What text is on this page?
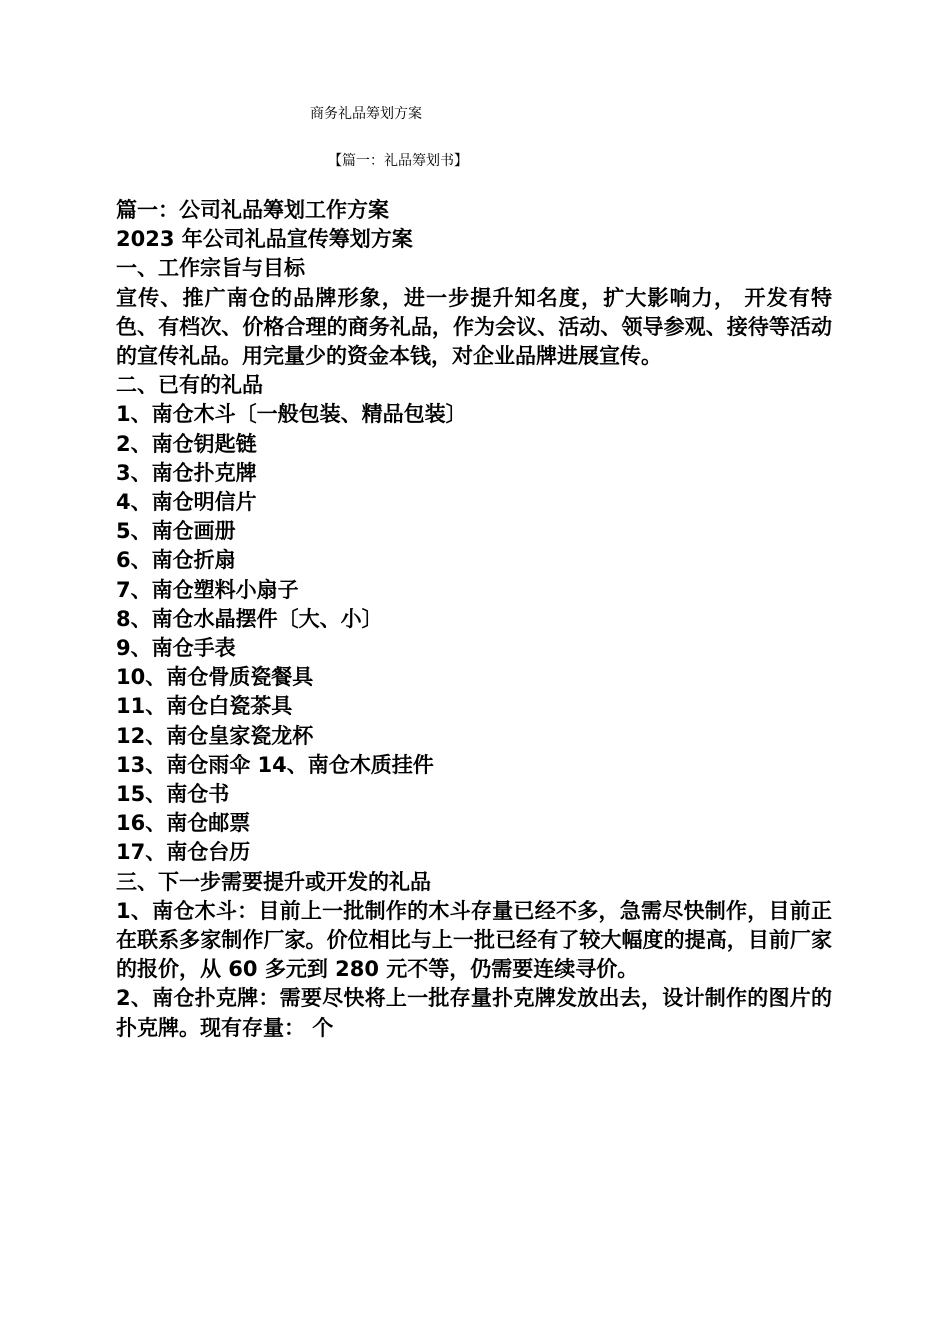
商务礼品筹划方案
【篇一：礼品筹划书】
篇一：公司礼品筹划工作方案
2023 年公司礼品宣传筹划方案
一、工作宗旨与目标
宣传、推广南仓的品牌形象，进一步提升知名度，扩大影响力， 开发有特色、有档次、价格合理的商务礼品，作为会议、活动、领导参观、接待等活动的宣传礼品。用完量少的资金本钱，对企业品牌进展宣传。
二、已有的礼品
1、南仓木斗〔一般包装、精品包装〕
2、南仓钥匙链
3、南仓扑克牌
4、南仓明信片
5、南仓画册
6、南仓折扇
7、南仓塑料小扇子
8、南仓水晶摆件〔大、小〕
9、南仓手表
10、南仓骨质瓷餐具
11、南仓白瓷茶具
12、南仓皇家瓷龙杯
13、南仓雨伞 14、南仓木质挂件
15、南仓书
16、南仓邮票
17、南仓台历
三、下一步需要提升或开发的礼品
1、南仓木斗：目前上一批制作的木斗存量已经不多，急需尽快制作，目前正在联系多家制作厂家。价位相比与上一批已经有了较大幅度的提高，目前厂家的报价，从 60 多元到 280 元不等，仍需要连续寻价。
2、南仓扑克牌：需要尽快将上一批存量扑克牌发放出去，设计制作的图片的扑克牌。现有存量： 个
